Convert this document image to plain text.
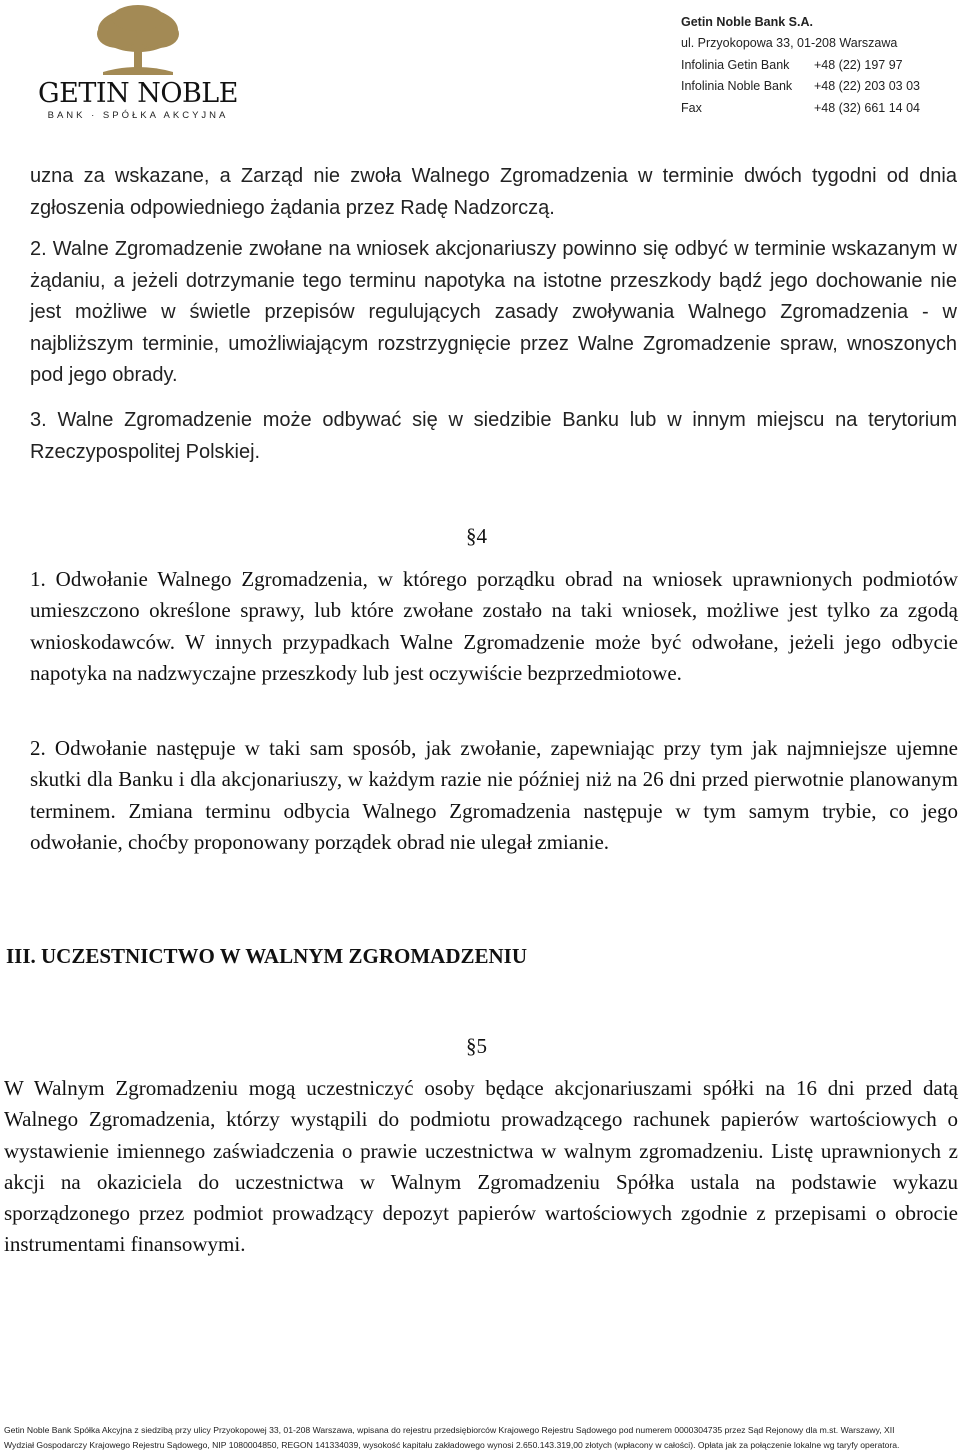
GETIN NOBLE
BANK · SPÓŁKA AKCYJNA
Getin Noble Bank S.A.
ul. Przyokopowa 33, 01-208 Warszawa
Infolinia Getin Bank +48 (22) 197 97
Infolinia Noble Bank +48 (22) 203 03 03
Fax	+48 (32) 661 14 04
uzna za wskazane, a Zarząd nie zwoła Walnego Zgromadzenia w terminie dwóch tygodni od dnia zgłoszenia odpowiedniego żądania przez Radę Nadzorczą.
2. Walne Zgromadzenie zwołane na wniosek akcjonariuszy powinno się odbyć w terminie wskazanym w żądaniu, a jeżeli dotrzymanie tego terminu napotyka na istotne przeszkody bądź jego dochowanie nie jest możliwe w świetle przepisów regulujących zasady zwoływania Walnego Zgromadzenia - w najbliższym terminie, umożliwiającym rozstrzygnięcie przez Walne Zgromadzenie spraw, wnoszonych pod jego obrady.
3. Walne Zgromadzenie może odbywać się w siedzibie Banku lub w innym miejscu na terytorium Rzeczypospolitej Polskiej.
§4
1. Odwołanie Walnego Zgromadzenia, w którego porządku obrad na wniosek uprawnionych podmiotów umieszczono określone sprawy, lub które zwołane zostało na taki wniosek, możliwe jest tylko za zgodą wnioskodawców. W innych przypadkach Walne Zgromadzenie może być odwołane, jeżeli jego odbycie napotyka na nadzwyczajne przeszkody lub jest oczywiście bezprzedmiotowe.
2. Odwołanie następuje w taki sam sposób, jak zwołanie, zapewniając przy tym jak najmniejsze ujemne skutki dla Banku i dla akcjonariuszy, w każdym razie nie później niż na 26 dni przed pierwotnie planowanym terminem. Zmiana terminu odbycia Walnego Zgromadzenia następuje w tym samym trybie, co jego odwołanie, choćby proponowany porządek obrad nie ulegał zmianie.
III. UCZESTNICTWO W WALNYM ZGROMADZENIU
§5
W Walnym Zgromadzeniu mogą uczestniczyć osoby będące akcjonariuszami spółki na 16 dni przed datą Walnego Zgromadzenia, którzy wystąpili do podmiotu prowadzącego rachunek papierów wartościowych o wystawienie imiennego zaświadczenia o prawie uczestnictwa w walnym zgromadzeniu. Listę uprawnionych z akcji na okaziciela do uczestnictwa w Walnym Zgromadzeniu Spółka ustala na podstawie wykazu sporządzonego przez podmiot prowadzący depozyt papierów wartościowych zgodnie z przepisami o obrocie instrumentami finansowymi.
Getin Noble Bank Spółka Akcyjna z siedzibą przy ulicy Przyokopowej 33, 01-208 Warszawa, wpisana do rejestru przedsiębiorców Krajowego Rejestru Sądowego pod numerem 0000304735 przez Sąd Rejonowy dla m.st. Warszawy, XII
Wydział Gospodarczy Krajowego Rejestru Sądowego, NIP 1080004850, REGON 141334039, wysokość kapitału zakładowego wynosi 2.650.143.319,00 złotych (wpłacony w całości). Opłata jak za połączenie lokalne wg taryfy operatora.
